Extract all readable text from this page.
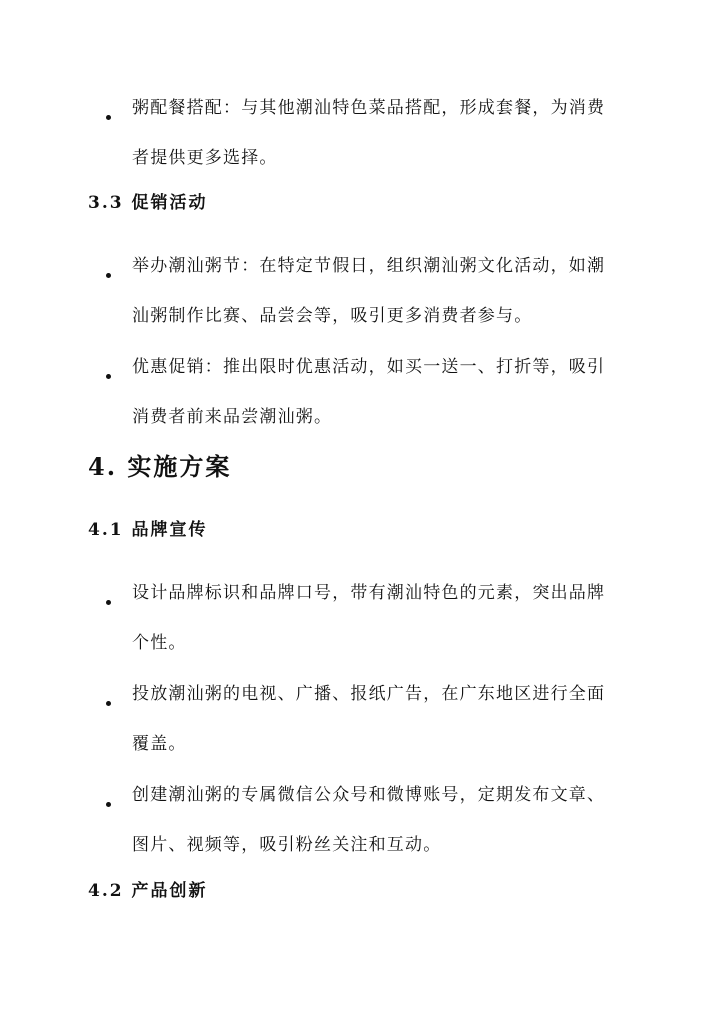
粥配餐搭配：与其他潮汕特色菜品搭配，形成套餐，为消费者提供更多选择。
3.3 促销活动
举办潮汕粥节：在特定节假日，组织潮汕粥文化活动，如潮汕粥制作比赛、品尝会等，吸引更多消费者参与。
优惠促销：推出限时优惠活动，如买一送一、打折等，吸引消费者前来品尝潮汕粥。
4. 实施方案
4.1 品牌宣传
设计品牌标识和品牌口号，带有潮汕特色的元素，突出品牌个性。
投放潮汕粥的电视、广播、报纸广告，在广东地区进行全面覆盖。
创建潮汕粥的专属微信公众号和微博账号，定期发布文章、图片、视频等，吸引粉丝关注和互动。
4.2 产品创新
